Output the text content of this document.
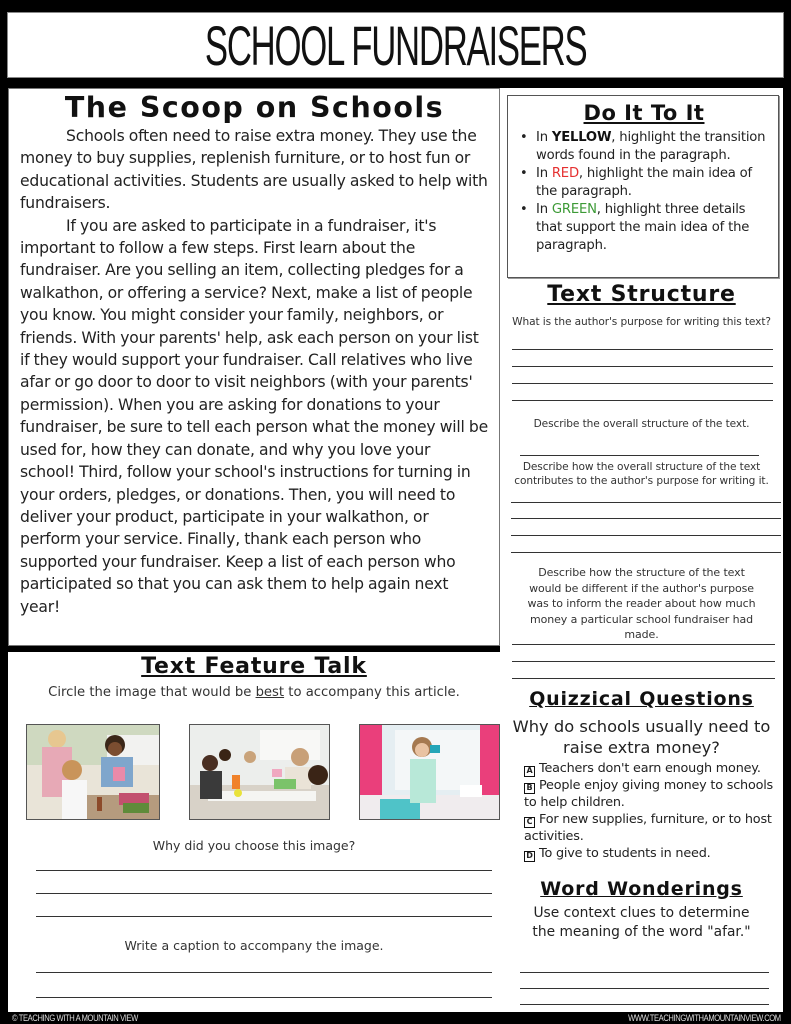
SCHOOL FUNDRAISERS
The Scoop on Schools

Schools often need to raise extra money. They use the money to buy supplies, replenish furniture, or to host fun or educational activities. Students are usually asked to help with fundraisers.

If you are asked to participate in a fundraiser, it's important to follow a few steps. First learn about the fundraiser. Are you selling an item, collecting pledges for a walkathon, or offering a service? Next, make a list of people you know. You might consider your family, neighbors, or friends. With your parents' help, ask each person on your list if they would support your fundraiser. Call relatives who live afar or go door to door to visit neighbors (with your parents' permission). When you are asking for donations to your fundraiser, be sure to tell each person what the money will be used for, how they can donate, and why you love your school! Third, follow your school's instructions for turning in your orders, pledges, or donations. Then, you will need to deliver your product, participate in your walkathon, or perform your service. Finally, thank each person who supported your fundraiser. Keep a list of each person who participated so that you can ask them to help again next year!

Do It To It
• In YELLOW, highlight the transition words found in the paragraph.
• In RED, highlight the main idea of the paragraph.
• In GREEN, highlight three details that support the main idea of the paragraph.
Text Structure
What is the author's purpose for writing this text?
Describe the overall structure of the text.
Describe how the overall structure of the text contributes to the author's purpose for writing it.
Describe how the structure of the text would be different if the author's purpose was to inform the reader about how much money a particular school fundraiser had made.
Quizzical Questions
Why do schools usually need to raise extra money?
A Teachers don't earn enough money.
B People enjoy giving money to schools to help children.
C For new supplies, furniture, or to host activities.
D To give to students in need.
Word Wonderings
Use context clues to determine the meaning of the word "afar."
Text Feature Talk
Circle the image that would be best to accompany this article.
Why did you choose this image?
Write a caption to accompany the image.
© TEACHING WITH A MOUNTAIN VIEW	WWW.TEACHINGWITHAMOUNTAINVIEW.COM
